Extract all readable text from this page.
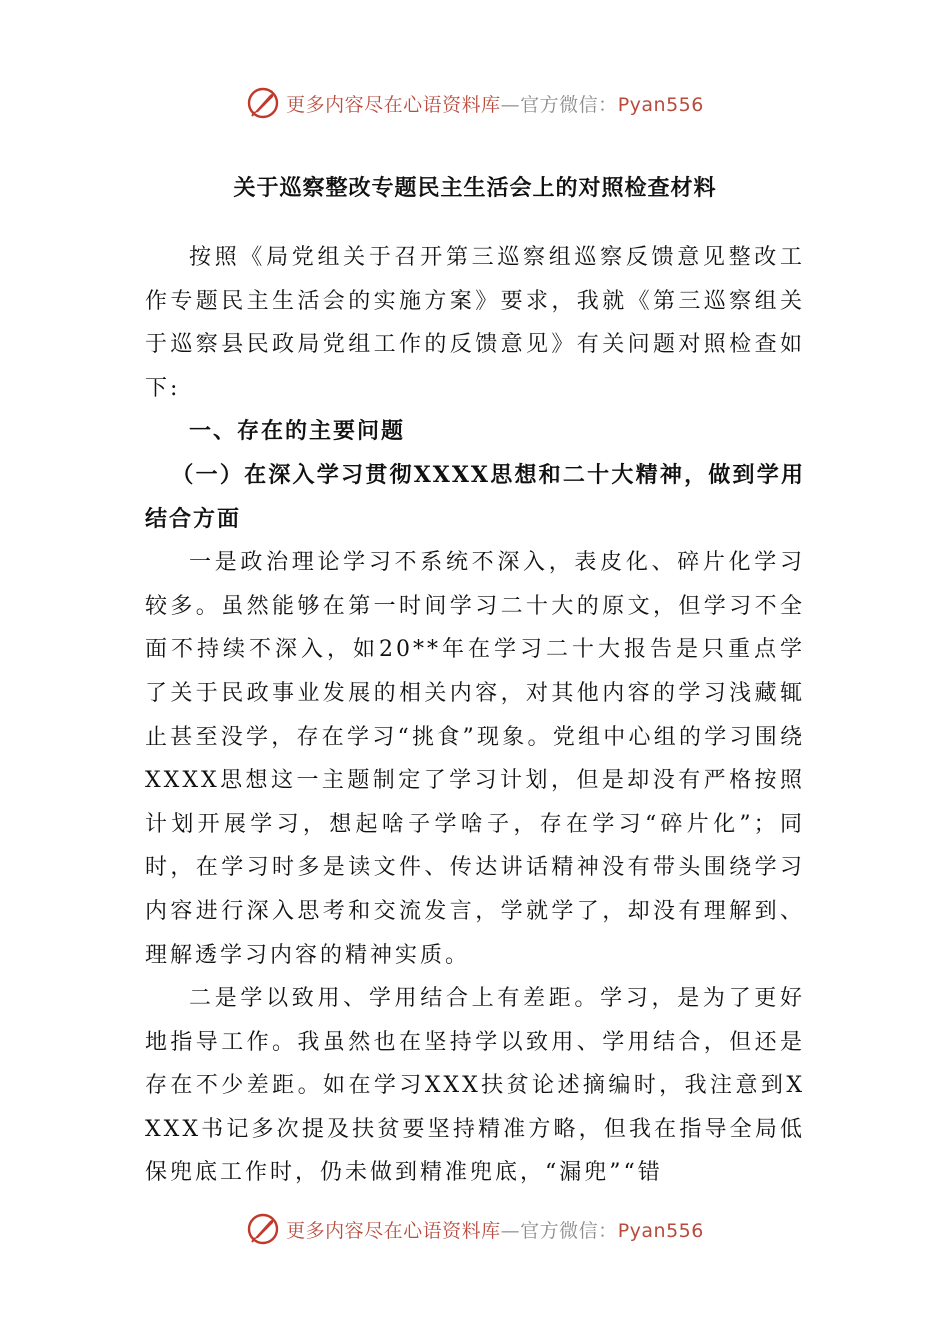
更多内容尽在心语资料库—官方微信：Pyan556
关于巡察整改专题民主生活会上的对照检查材料

按照《局党组关于召开第三巡察组巡察反馈意见整改工作专题民主生活会的实施方案》要求，我就《第三巡察组关于巡察县民政局党组工作的反馈意见》有关问题对照检查如下:

一、存在的主要问题

（一）在深入学习贯彻XXXX思想和二十大精神，做到学用结合方面

一是政治理论学习不系统不深入，表皮化、碎片化学习较多。虽然能够在第一时间学习二十大的原文，但学习不全面不持续不深入，如20**年在学习二十大报告是只重点学了关于民政事业发展的相关内容，对其他内容的学习浅藏辄止甚至没学，存在学习“挑食”现象。党组中心组的学习围绕XXXX思想这一主题制定了学习计划，但是却没有严格按照计划开展学习，想起啥子学啥子，存在学习“碎片化”；同时，在学习时多是读文件、传达讲话精神没有带头围绕学习内容进行深入思考和交流发言，学就学了，却没有理解到、理解透学习内容的精神实质。

二是学以致用、学用结合上有差距。学习，是为了更好地指导工作。我虽然也在坚持学以致用、学用结合，但还是存在不少差距。如在学习XXX扶贫论述摘编时，我注意到XXXX书记多次提及扶贫要坚持精准方略，但我在指导全局低保兜底工作时，仍未做到精准兜底，“漏兜”“错

更多内容尽在心语资料库—官方微信：Pyan556
